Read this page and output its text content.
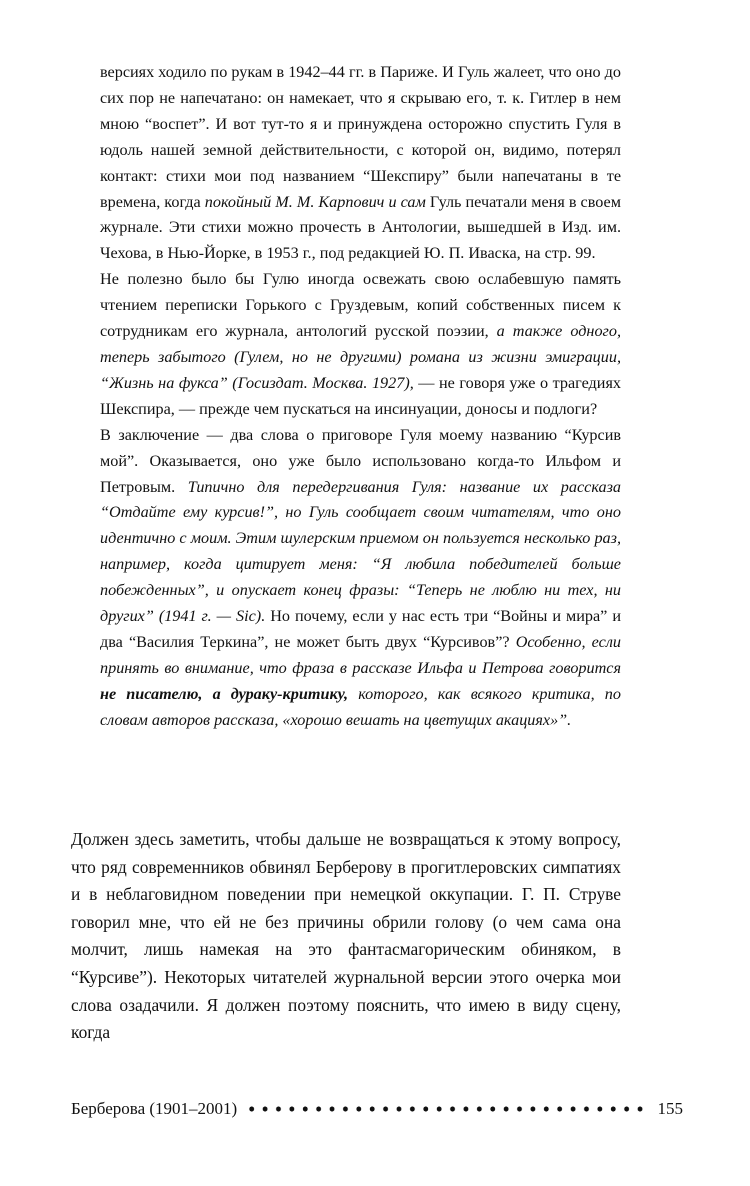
версиях ходило по рукам в 1942–44 гг. в Париже. И Гуль жалеет, что оно до сих пор не напечатано: он намекает, что я скрываю его, т. к. Гитлер в нем мною “воспет”. И вот тут-то я и принуждена осторожно спустить Гуля в юдоль нашей земной действительности, с которой он, видимо, потерял контакт: стихи мои под названием “Шекспиру” были напечатаны в те времена, когда покойный М. М. Карпович и сам Гуль печатали меня в своем журнале. Эти стихи можно прочесть в Антологии, вышедшей в Изд. им. Чехова, в Нью-Йорке, в 1953 г., под редакцией Ю. П. Иваска, на стр. 99.

Не полезно было бы Гулю иногда освежать свою ослабевшую память чтением переписки Горького с Груздевым, копий собственных писем к сотрудникам его журнала, антологий русской поэзии, а также одного, теперь забытого (Гулем, но не другими) романа из жизни эмиграции, “Жизнь на фукса” (Госиздат. Москва. 1927), — не говоря уже о трагедиях Шекспира, — прежде чем пускаться на инсинуации, доносы и подлоги?

В заключение — два слова о приговоре Гуля моему названию “Курсив мой”. Оказывается, оно уже было использовано когда-то Ильфом и Петровым. Типично для передергивания Гуля: название их рассказа “Отдайте ему курсив!”, но Гуль сообщает своим читателям, что оно идентично с моим. Этим шулерским приемом он пользуется несколько раз, например, когда цитирует меня: “Я любила победителей больше побежденных”, и опускает конец фразы: “Теперь не люблю ни тех, ни других” (1941 г. — Sic). Но почему, если у нас есть три “Войны и мира” и два “Василия Теркина”, не может быть двух “Курсивов”? Особенно, если принять во внимание, что фраза в рассказе Ильфа и Петрова говорится не писателю, а дураку-критику, которого, как всякого критика, по словам авторов рассказа, «хорошо вешать на цветущих акациях»”.

Должен здесь заметить, чтобы дальше не возвращаться к этому вопросу, что ряд современников обвинял Берберову в прогитлеровских симпатиях и в неблаговидном поведении при немецкой оккупации. Г. П. Струве говорил мне, что ей не без причины обрили голову (о чем сама она молчит, лишь намекая на это фантасмагорическим обиняком, в “Курсиве”). Некоторых читателей журнальной версии этого очерка мои слова озадачили. Я должен поэтому пояснить, что имею в виду сцену, когда

Берберова (1901–2001)	155
